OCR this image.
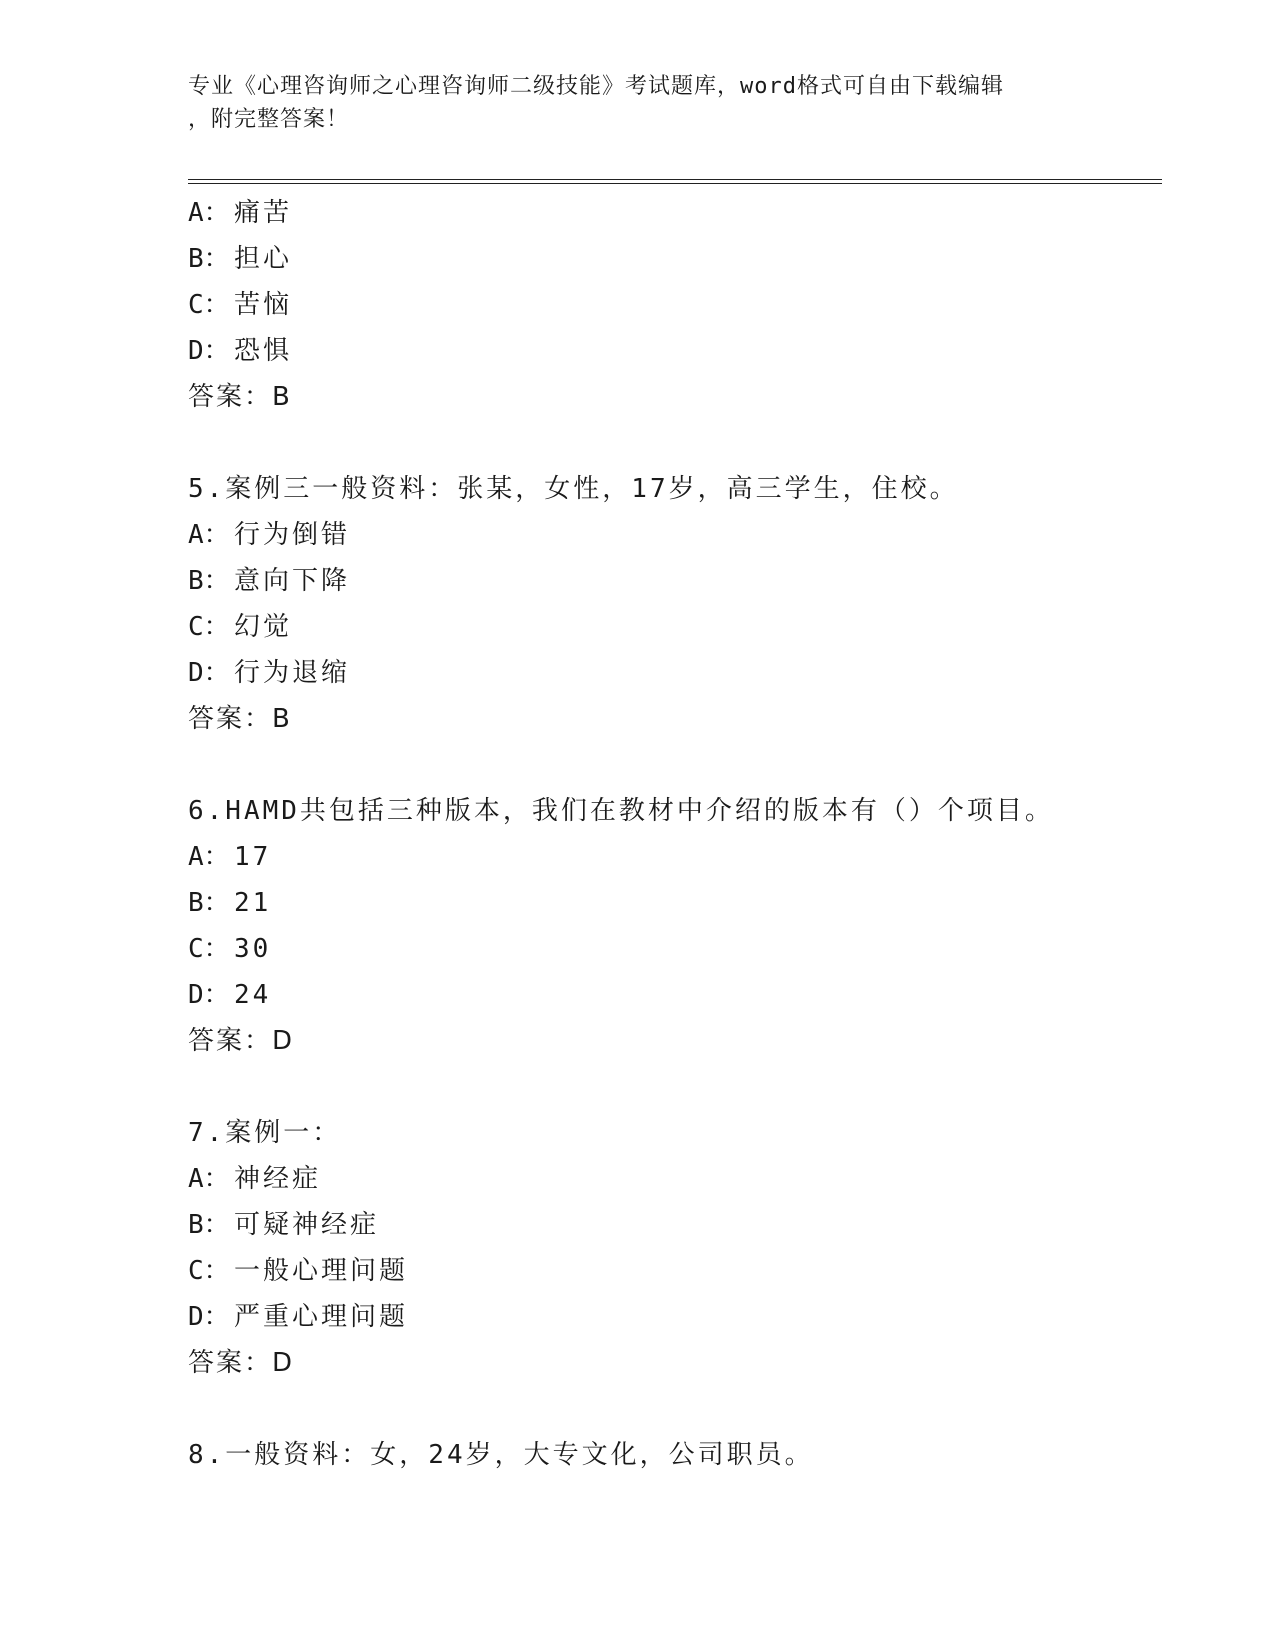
专业《心理咨询师之心理咨询师二级技能》考试题库，word格式可自由下载编辑
，附完整答案！
A： 痛苦
B： 担心
C： 苦恼
D： 恐惧
答案：B
5.案例三一般资料：张某，女性，17岁，高三学生，住校。
A： 行为倒错
B： 意向下降
C： 幻觉
D： 行为退缩
答案：B
6.HAMD共包括三种版本，我们在教材中介绍的版本有（）个项目。
A： 17
B： 21
C： 30
D： 24
答案：D
7.案例一：
A： 神经症
B： 可疑神经症
C： 一般心理问题
D： 严重心理问题
答案：D
8.一般资料：女，24岁，大专文化，公司职员。
